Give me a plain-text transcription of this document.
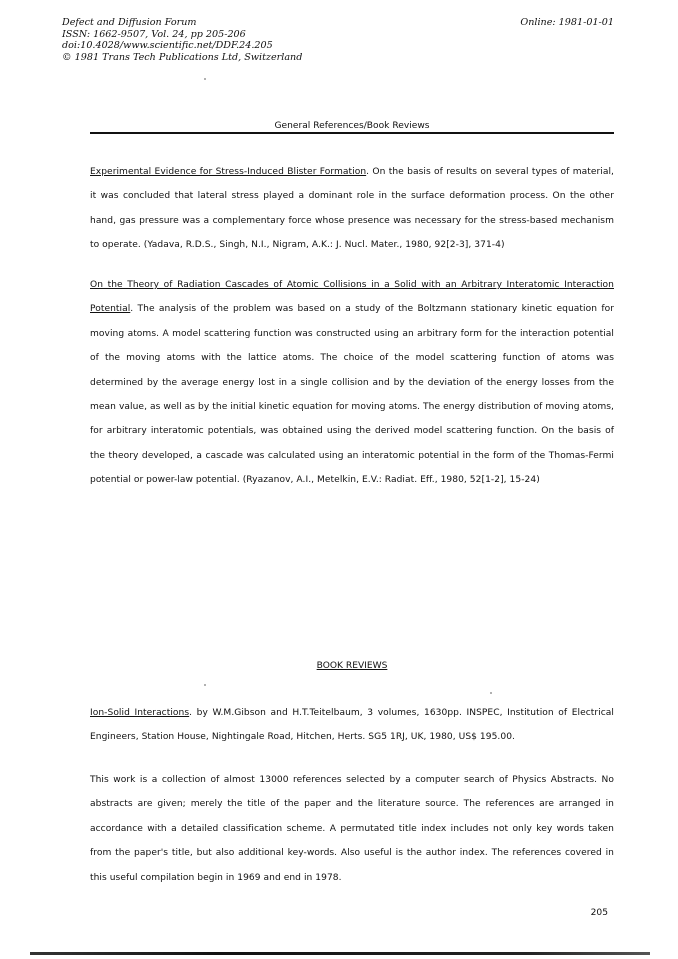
Defect and Diffusion Forum
ISSN: 1662-9507, Vol. 24, pp 205-206
doi:10.4028/www.scientific.net/DDF.24.205
© 1981 Trans Tech Publications Ltd, Switzerland
Online: 1981-01-01
General References/Book Reviews
Experimental Evidence for Stress-Induced Blister Formation. On the basis of results on several types of material, it was concluded that lateral stress played a dominant role in the surface deformation process. On the other hand, gas pressure was a complementary force whose presence was necessary for the stress-based mechanism to operate. (Yadava, R.D.S., Singh, N.I., Nigram, A.K.: J. Nucl. Mater., 1980, 92[2-3], 371-4)
On the Theory of Radiation Cascades of Atomic Collisions in a Solid with an Arbitrary Interatomic Interaction Potential. The analysis of the problem was based on a study of the Boltzmann stationary kinetic equation for moving atoms. A model scattering function was constructed using an arbitrary form for the interaction potential of the moving atoms with the lattice atoms. The choice of the model scattering function of atoms was determined by the average energy lost in a single collision and by the deviation of the energy losses from the mean value, as well as by the initial kinetic equation for moving atoms. The energy distribution of moving atoms, for arbitrary interatomic potentials, was obtained using the derived model scattering function. On the basis of the theory developed, a cascade was calculated using an interatomic potential in the form of the Thomas-Fermi potential or power-law potential. (Ryazanov, A.I., Metelkin, E.V.: Radiat. Eff., 1980, 52[1-2], 15-24)
BOOK REVIEWS
Ion-Solid Interactions. by W.M.Gibson and H.T.Teitelbaum, 3 volumes, 1630pp. INSPEC, Institution of Electrical Engineers, Station House, Nightingale Road, Hitchen, Herts. SG5 1RJ, UK, 1980, US$ 195.00.
This work is a collection of almost 13000 references selected by a computer search of Physics Abstracts. No abstracts are given; merely the title of the paper and the literature source. The references are arranged in accordance with a detailed classification scheme. A permutated title index includes not only key words taken from the paper's title, but also additional key-words. Also useful is the author index. The references covered in this useful compilation begin in 1969 and end in 1978.
205
